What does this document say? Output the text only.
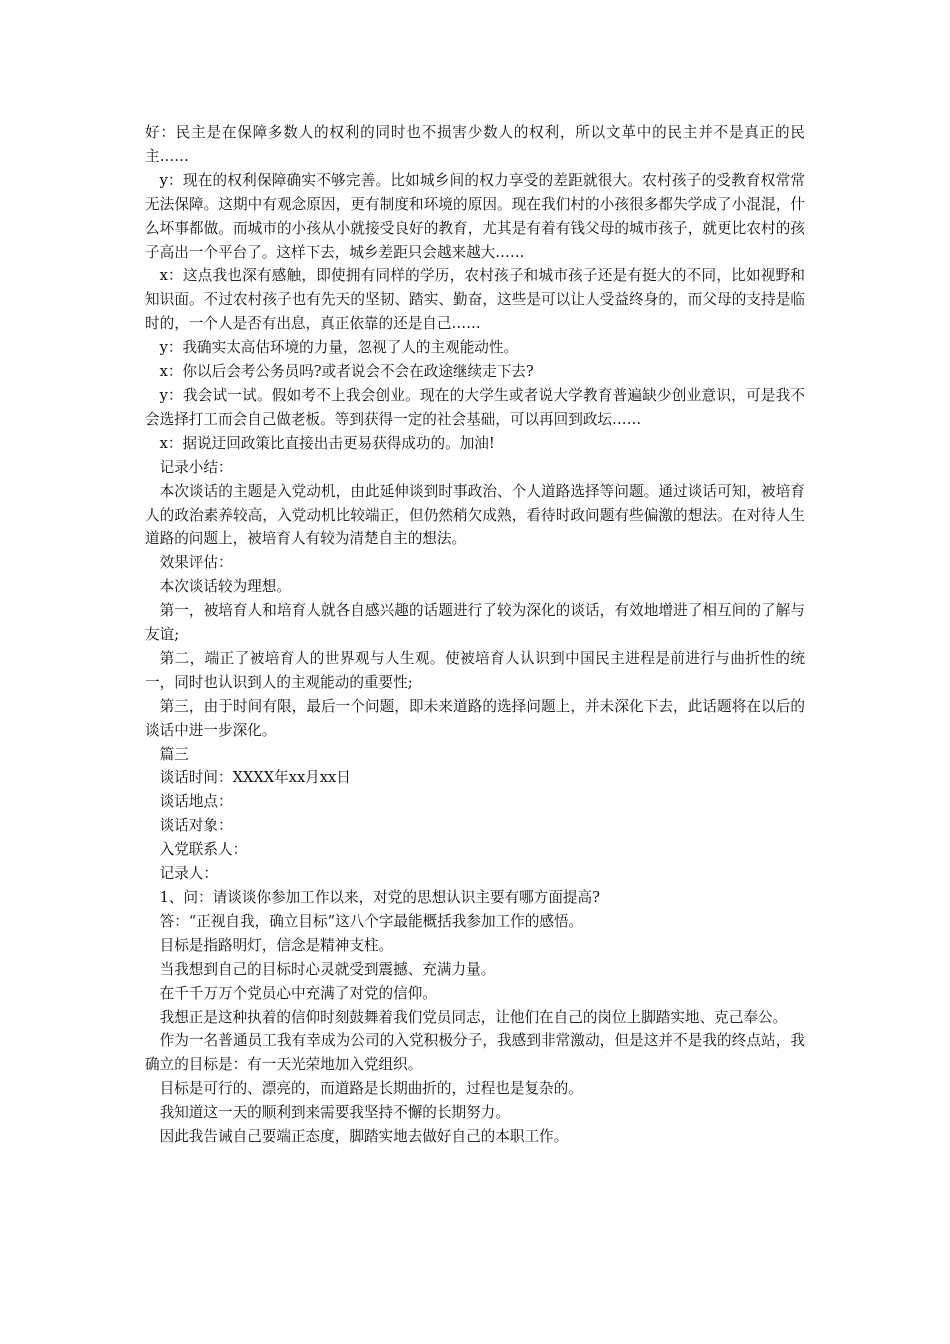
好：民主是在保障多数人的权利的同时也不损害少数人的权利，所以文革中的民主并不是真正的民主……

y：现在的权利保障确实不够完善。比如城乡间的权力享受的差距就很大。农村孩子的受教育权常常无法保障。这期中有观念原因，更有制度和环境的原因。现在我们村的小孩很多都失学成了小混混，什么坏事都做。而城市的小孩从小就接受良好的教育，尤其是有着有钱父母的城市孩子，就更比农村的孩子高出一个平台了。这样下去，城乡差距只会越来越大……

x：这点我也深有感触，即使拥有同样的学历，农村孩子和城市孩子还是有挺大的不同，比如视野和知识面。不过农村孩子也有先天的坚韧、踏实、勤奋，这些是可以让人受益终身的，而父母的支持是临时的，一个人是否有出息，真正依靠的还是自己……

y：我确实太高估环境的力量，忽视了人的主观能动性。

x：你以后会考公务员吗?或者说会不会在政途继续走下去?

y：我会试一试。假如考不上我会创业。现在的大学生或者说大学教育普遍缺少创业意识，可是我不会选择打工而会自己做老板。等到获得一定的社会基础，可以再回到政坛……

x：据说迂回政策比直接出击更易获得成功的。加油!

记录小结：

本次谈话的主题是入党动机，由此延伸谈到时事政治、个人道路选择等问题。通过谈话可知，被培育人的政治素养较高，入党动机比较端正，但仍然稍欠成熟，看待时政问题有些偏激的想法。在对待人生道路的问题上，被培育人有较为清楚自主的想法。

效果评估：

本次谈话较为理想。

第一，被培育人和培育人就各自感兴趣的话题进行了较为深化的谈话，有效地增进了相互间的了解与友谊;

第二，端正了被培育人的世界观与人生观。使被培育人认识到中国民主进程是前进行与曲折性的统一，同时也认识到人的主观能动的重要性;

第三，由于时间有限，最后一个问题，即未来道路的选择问题上，并未深化下去，此话题将在以后的谈话中进一步深化。

篇三

谈话时间：XXXX年xx月xx日

谈话地点：

谈话对象：

入党联系人：

记录人：

1、问：请谈谈你参加工作以来，对党的思想认识主要有哪方面提高?

答：“正视自我，确立目标”这八个字最能概括我参加工作的感悟。

目标是指路明灯，信念是精神支柱。

当我想到自己的目标时心灵就受到震撼、充满力量。

在千千万万个党员心中充满了对党的信仰。

我想正是这种执着的信仰时刻鼓舞着我们党员同志，让他们在自己的岗位上脚踏实地、克己奉公。

作为一名普通员工我有幸成为公司的入党积极分子，我感到非常激动，但是这并不是我的终点站，我确立的目标是：有一天光荣地加入党组织。

目标是可行的、漂亮的，而道路是长期曲折的，过程也是复杂的。

我知道这一天的顺利到来需要我坚持不懈的长期努力。

因此我告诫自己要端正态度，脚踏实地去做好自己的本职工作。
